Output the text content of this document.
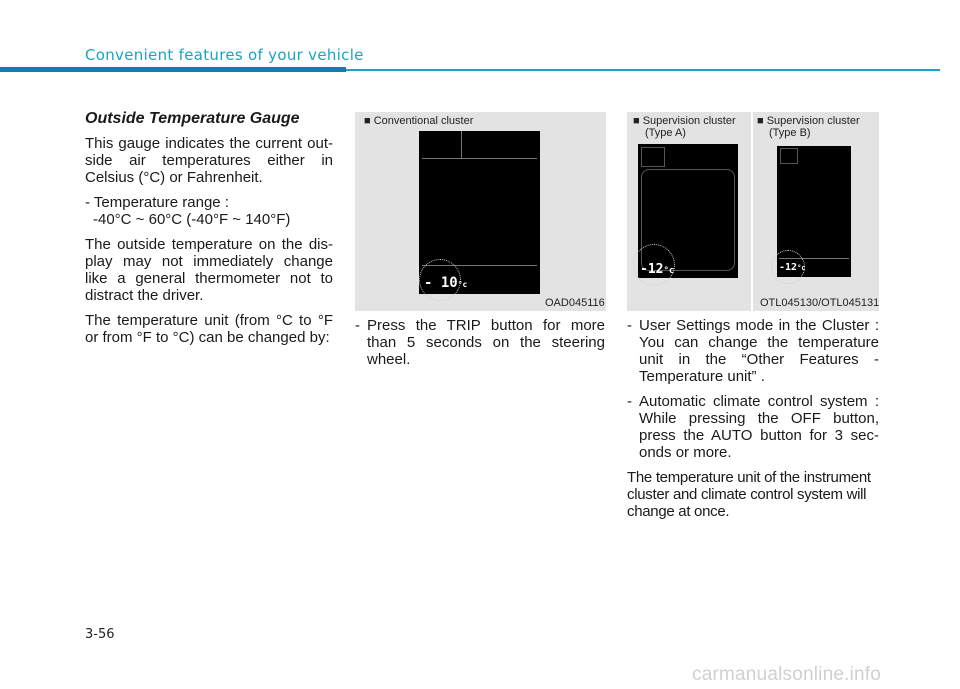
Convenient features of your vehicle
Outside Temperature Gauge

This gauge indicates the current out-side air temperatures either in Celsius (°C) or Fahrenheit.

- Temperature range :
-40°C ~ 60°C (-40°F ~ 140°F)

The outside temperature on the dis-play may not immediately change like a general thermometer not to distract the driver.

The temperature unit (from °C to °F or from °F to °C) can be changed by:

■ Conventional cluster
- 10°c
OAD045116
■ Supervision cluster
(Type A)
■ Supervision cluster
(Type B)
-12°c	-12°c
OTL045130/OTL045131
- Press the TRIP button for more than 5 seconds on the steering wheel.
- User Settings mode in the Cluster : You can change the temperature unit in the “Other Features - Temperature unit” .
- Automatic climate control system : While pressing the OFF button, press the AUTO button for 3 sec-onds or more.

The temperature unit of the instrument cluster and climate control system will change at once.

3-56
carmanualsonline.info
